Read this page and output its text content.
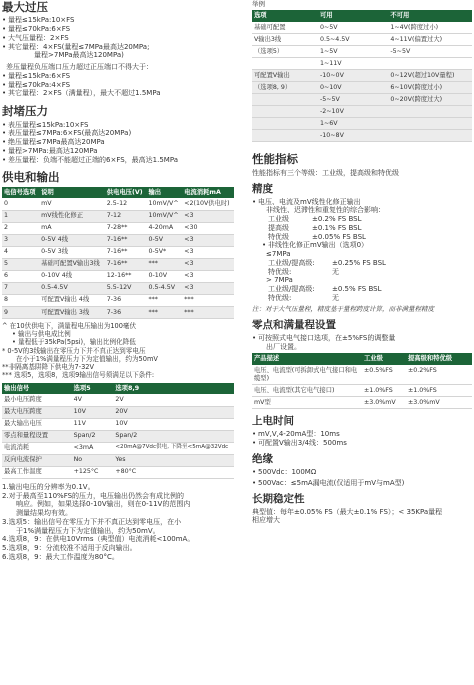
最大过压
• 量程≤15kPa:10×FS
• 量程≤70kPa:6×FS
• 大气压量程：2×FS
• 其它量程：4×FS(量程≤7MPa最高达20MPa;
量程>7MPa最高达120MPa)
差压量程负压端口压力超过正压端口不得大于：
• 量程≤15kPa:6×FS
• 量程≤70kPa:4×FS
• 其它量程：2×FS（满量程），最大不超过1.5MPa
封堵压力
• 表压量程≤15kPa:10×FS
• 表压量程≤7MPa:6×FS(最高达20MPa)
• 绝压量程≤7MPa最高达20MPa
• 量程>7MPa:最高达120MPa
• 差压量程：负端不能超过正端的6×FS，最高达1.5MPa
供电和输出
电信号选项	说明	供电电压(V)	输出	电流消耗mA
0	mV	2.5-12	10mV/V^	<2(10V供电时)
1	mV线性化修正	7-12	10mV/V^	<3
2	mA	7-28**	4-20mA	<30
3	0-5V 4线	7-16**	0-5V	<3
4	0-5V 3线	7-16**	0-5V*	<3
5	基础可配置V输出3线	7-16**	***	<3
6	0-10V 4线	12-16**	0-10V	<3
7	0.5-4.5V	5.5-12V	0.5-4.5V	<3
8	可配置V输出 4线	7-36	***	***
9	可配置V输出 3线	7-36	***	***
^ 在10伏供电下，满量程电压输出为100毫伏
• 输出与供电成比例
• 量程低于35kPa(5psi)，输出比例化降低
* 0-5V的3线输出在零压力下并不真正达到零电压
在小于1%满量程压力下为定值输出，约为50mV
**非隔离基阱降下供电为7-32V
*** 选项5，选项8，选项9输出信号须满足以下条件:
输出信号	选项5	选项8,9
最小电压跨度	4V	2V
最大电压跨度	10V	20V
最大输出电压	11V	10V
零点和量程设置	Span/2	Span/2
电流消耗	<3mA	<20mA@7Vdc供电, 下降至<5mA@32Vdc
反向电流保护	No	Yes
最高工作温度	+125°C	+80°C
1.输出电压的分辨率为0.1V。
2.对于最高至110%FS的压力，电压输出仍然会有成比例的
响应。例如，如果选择0-10V输出，则在0-11V的范围内
测量结果均有效。
3.选项5：输出信号在零压力下并不真正达到零电压，在小
于1%满量程压力下为定值输出，约为50mV。
4.选项8，9：在供电10Vrms（典型值）电流消耗<100mA。
5.选项8，9：分流校准不适用于反向输出。
6.选项8，9：最大工作温度为80°C。
举例
选项	可用	不可用
基础可配置	0~5V	1~4V(跨度过小)
V输出3线	0.5~4.5V	4~11V(偏置过大)
（选项5）	1~5V	-5~5V
	1~11V	
可配置V输出	-10~0V	0~12V(超过10V量程)
（选项8, 9）	0~10V	6~10V(跨度过小)
	-5~5V	0~20V(跨度过大)
	-2~10V	
	1~6V	
	-10~8V	
性能指标
性能指标有三个等级：工业级，提高级和特优级
精度
• 电压、电流及mV线性化修正输出
非线性、迟滞性和重复性的综合影响：
工业级	±0.2% FS BSL
提高级	±0.1% FS BSL
特优级	±0.05% FS BSL
• 非线性化修正mV输出（选项0）
≤7MPa
工业级/提高级:	±0.25% FS BSL
特优级:	无
> 7MPa
工业级/提高级:	±0.5% FS BSL
特优级:	无
注：对于大气压量程，精度基于量程跨度计算，而非满量程精度
零点和满量程设置
• 可按照式电气接口选项，在±5%FS的调整量
出厂设置。
产品描述	工业级	提高级和特优级
电压、电流型(可拆卸式电气接口和电缆型)	±0.5%FS	±0.2%FS
电压、电流型(其它电气接口)	±1.0%FS	±1.0%FS
mV型	±3.0%mV	±3.0%mV
上电时间
• mV,V,4-20mA型：10ms
• 可配置V输出3/4线：500ms
绝缘
• 500Vdc：100MΩ
• 500Vac：≤5mA漏电流(仅适用于mV与mA型)
长期稳定性
典型值：每年±0.05% FS（最大±0.1% FS）；< 35KPa量程
相应增大
